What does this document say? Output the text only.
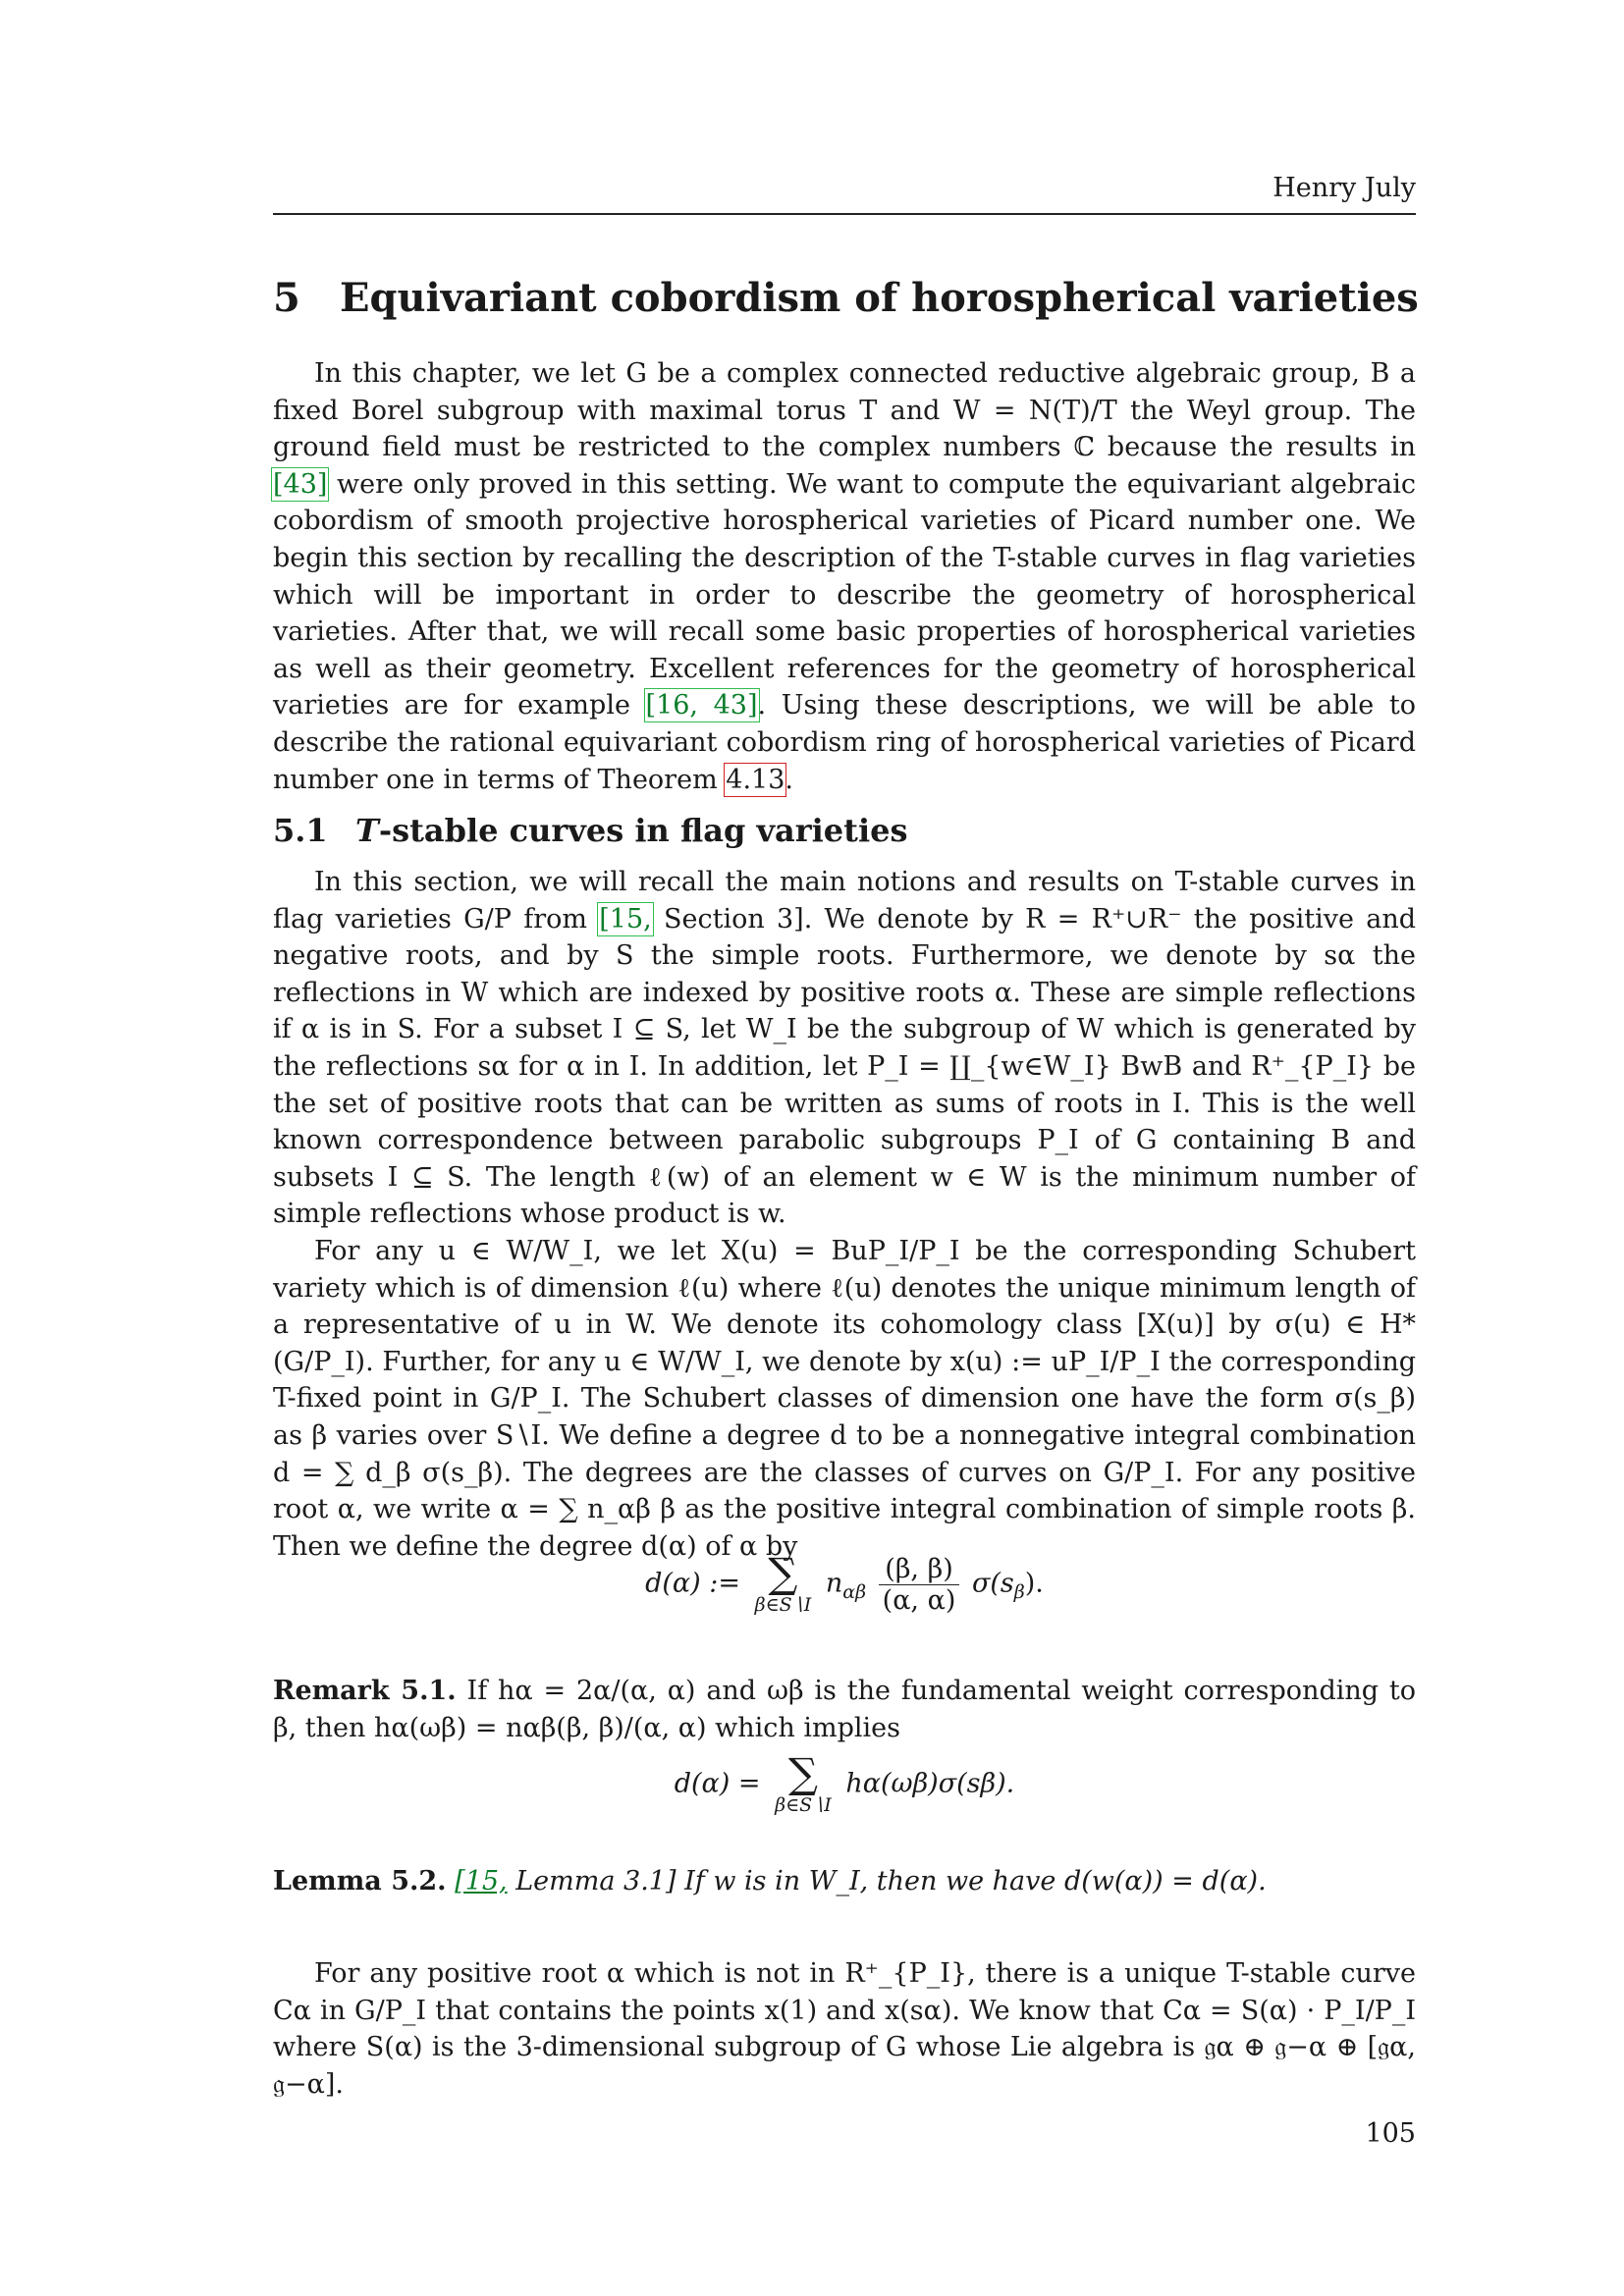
Henry July
5 Equivariant cobordism of horospherical varieties

In this chapter, we let G be a complex connected reductive algebraic group, B a fixed Borel subgroup with maximal torus T and W = N(T)/T the Weyl group. The ground field must be restricted to the complex numbers ℂ because the results in [43] were only proved in this setting. We want to compute the equivariant algebraic cobordism of smooth projective horospherical varieties of Picard number one. We begin this section by recalling the description of the T-stable curves in flag varieties which will be important in order to describe the geometry of horospherical varieties. After that, we will recall some basic properties of horospherical varieties as well as their geometry. Excellent references for the geometry of horospherical varieties are for example [16, 43]. Using these descriptions, we will be able to describe the rational equivariant cobordism ring of horospherical varieties of Picard number one in terms of Theorem 4.13.

5.1 T-stable curves in flag varieties

In this section, we will recall the main notions and results on T-stable curves in flag varieties G/P from [15, Section 3]. We denote by R = R⁺∪R⁻ the positive and negative roots, and by S the simple roots. Furthermore, we denote by sα the reflections in W which are indexed by positive roots α. These are simple reflections if α is in S. For a subset I ⊆ S, let W_I be the subgroup of W which is generated by the reflections sα for α in I. In addition, let P_I = ∐_{w∈W_I} BwB and R⁺_{P_I} be the set of positive roots that can be written as sums of roots in I. This is the well known correspondence between parabolic subgroups P_I of G containing B and subsets I ⊆ S. The length ℓ(w) of an element w ∈ W is the minimum number of simple reflections whose product is w.

For any u ∈ W/W_I, we let X(u) = BuP_I/P_I be the corresponding Schubert variety which is of dimension ℓ(u) where ℓ(u) denotes the unique minimum length of a representative of u in W. We denote its cohomology class [X(u)] by σ(u) ∈ H*(G/P_I). Further, for any u ∈ W/W_I, we denote by x(u) := uP_I/P_I the corresponding T-fixed point in G/P_I. The Schubert classes of dimension one have the form σ(s_β) as β varies over S∖I. We define a degree d to be a nonnegative integral combination d = ∑ d_β σ(s_β). The degrees are the classes of curves on G/P_I. For any positive root α, we write α = ∑ n_αβ β as the positive integral combination of simple roots β. Then we define the degree d(α) of α by

d(α) := ∑
β∈S∖I
$n_{\alpha\beta} \frac{(\beta, \beta)}{(\alpha, \alpha)} \sigma(s_\beta)$.

Remark 5.1. If hα = 2α/(α, α) and ωβ is the fundamental weight corresponding to β, then hα(ωβ) = nαβ(β, β)/(α, α) which implies

d(α) = ∑
β∈S∖I
hα(ωβ)σ(sβ).

Lemma 5.2. [15, Lemma 3.1] If w is in W_I, then we have d(w(α)) = d(α).

For any positive root α which is not in R⁺_{P_I}, there is a unique T-stable curve Cα in G/P_I that contains the points x(1) and x(sα). We know that Cα = S(α) · P_I/P_I where S(α) is the 3-dimensional subgroup of G whose Lie algebra is 𝔤α ⊕ 𝔤−α ⊕ [𝔤α, 𝔤−α].

105
